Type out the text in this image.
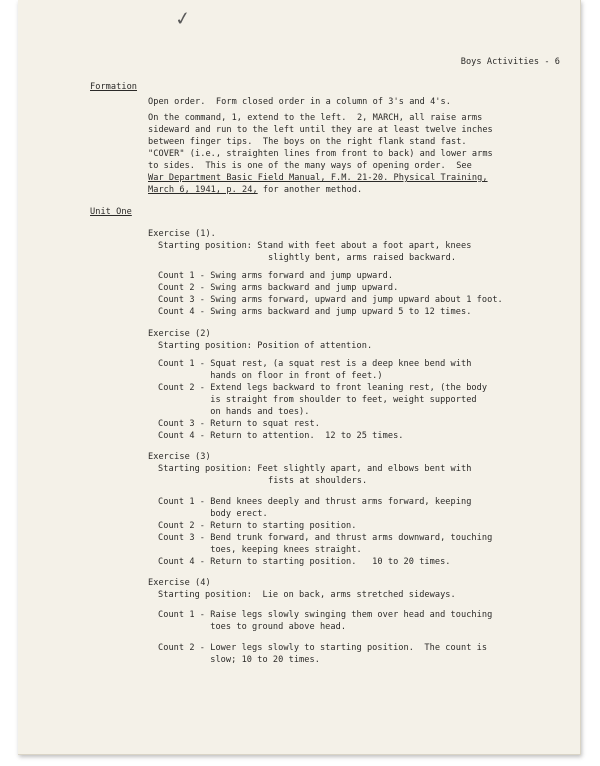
✓
Boys Activities - 6
Formation
Open order.  Form closed order in a column of 3's and 4's.
On the command, 1, extend to the left.  2, MARCH, all raise arms
sideward and run to the left until they are at least twelve inches
between finger tips.  The boys on the right flank stand fast.
"COVER" (i.e., straighten lines from front to back) and lower arms
to sides.  This is one of the many ways of opening order.  See
War Department Basic Field Manual, F.M. 21-20. Physical Training,
March 6, 1941, p. 24, for another method.
Unit One
Exercise (1).
Starting position: Stand with feet about a foot apart, knees
slightly bent, arms raised backward.
Count 1 - Swing arms forward and jump upward.
Count 2 - Swing arms backward and jump upward.
Count 3 - Swing arms forward, upward and jump upward about 1 foot.
Count 4 - Swing arms backward and jump upward 5 to 12 times.
Exercise (2)
Starting position: Position of attention.
Count 1 - Squat rest, (a squat rest is a deep knee bend with
hands on floor in front of feet.)
Count 2 - Extend legs backward to front leaning rest, (the body
is straight from shoulder to feet, weight supported
on hands and toes).
Count 3 - Return to squat rest.
Count 4 - Return to attention.  12 to 25 times.
Exercise (3)
Starting position: Feet slightly apart, and elbows bent with
fists at shoulders.
Count 1 - Bend knees deeply and thrust arms forward, keeping
body erect.
Count 2 - Return to starting position.
Count 3 - Bend trunk forward, and thrust arms downward, touching
toes, keeping knees straight.
Count 4 - Return to starting position.   10 to 20 times.
Exercise (4)
Starting position:  Lie on back, arms stretched sideways.
Count 1 - Raise legs slowly swinging them over head and touching
toes to ground above head.
Count 2 - Lower legs slowly to starting position.  The count is
slow; 10 to 20 times.
